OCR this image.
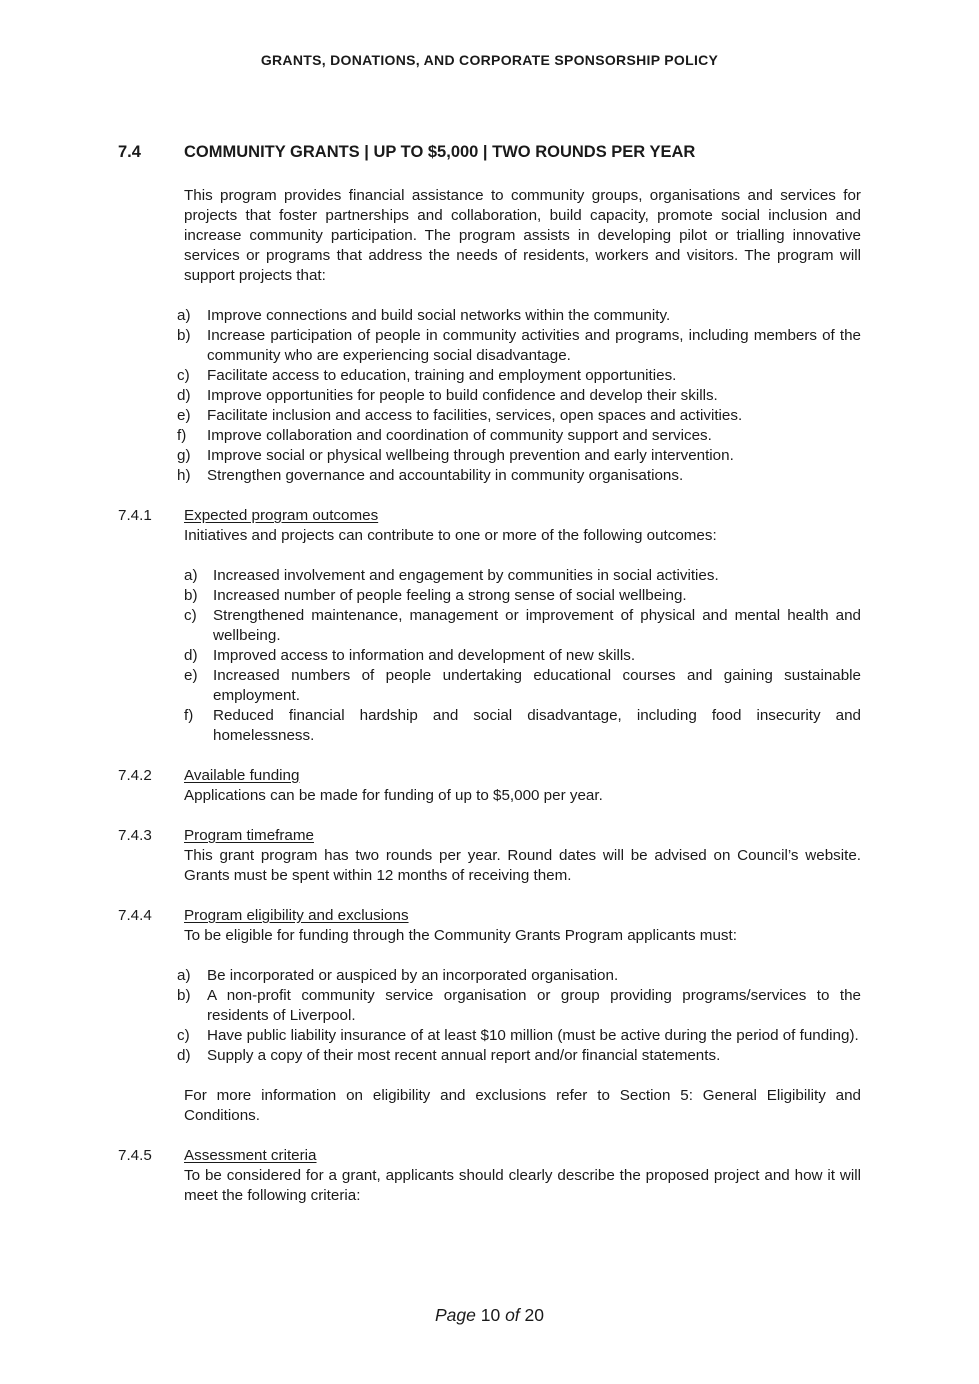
GRANTS, DONATIONS, AND CORPORATE SPONSORSHIP POLICY
7.4	COMMUNITY GRANTS | UP TO $5,000 | TWO ROUNDS PER YEAR

This program provides financial assistance to community groups, organisations and services for projects that foster partnerships and collaboration, build capacity, promote social inclusion and increase community participation. The program assists in developing pilot or trialling innovative services or programs that address the needs of residents, workers and visitors. The program will support projects that:

a) Improve connections and build social networks within the community.
b) Increase participation of people in community activities and programs, including members of the community who are experiencing social disadvantage.
c) Facilitate access to education, training and employment opportunities.
d) Improve opportunities for people to build confidence and develop their skills.
e) Facilitate inclusion and access to facilities, services, open spaces and activities.
f) Improve collaboration and coordination of community support and services.
g) Improve social or physical wellbeing through prevention and early intervention.
h) Strengthen governance and accountability in community organisations.
7.4.1 Expected program outcomes

Initiatives and projects can contribute to one or more of the following outcomes:

a) Increased involvement and engagement by communities in social activities.
b) Increased number of people feeling a strong sense of social wellbeing.
c) Strengthened maintenance, management or improvement of physical and mental health and wellbeing.
d) Improved access to information and development of new skills.
e) Increased numbers of people undertaking educational courses and gaining sustainable employment.
f) Reduced financial hardship and social disadvantage, including food insecurity and homelessness.
7.4.2 Available funding

Applications can be made for funding of up to $5,000 per year.

7.4.3 Program timeframe

This grant program has two rounds per year. Round dates will be advised on Council’s website. Grants must be spent within 12 months of receiving them.

7.4.4 Program eligibility and exclusions

To be eligible for funding through the Community Grants Program applicants must:

a) Be incorporated or auspiced by an incorporated organisation.
b) A non-profit community service organisation or group providing programs/services to the residents of Liverpool.
c) Have public liability insurance of at least $10 million (must be active during the period of funding).
d) Supply a copy of their most recent annual report and/or financial statements.

For more information on eligibility and exclusions refer to Section 5: General Eligibility and Conditions.

7.4.5 Assessment criteria

To be considered for a grant, applicants should clearly describe the proposed project and how it will meet the following criteria:

Page 10 of 20
